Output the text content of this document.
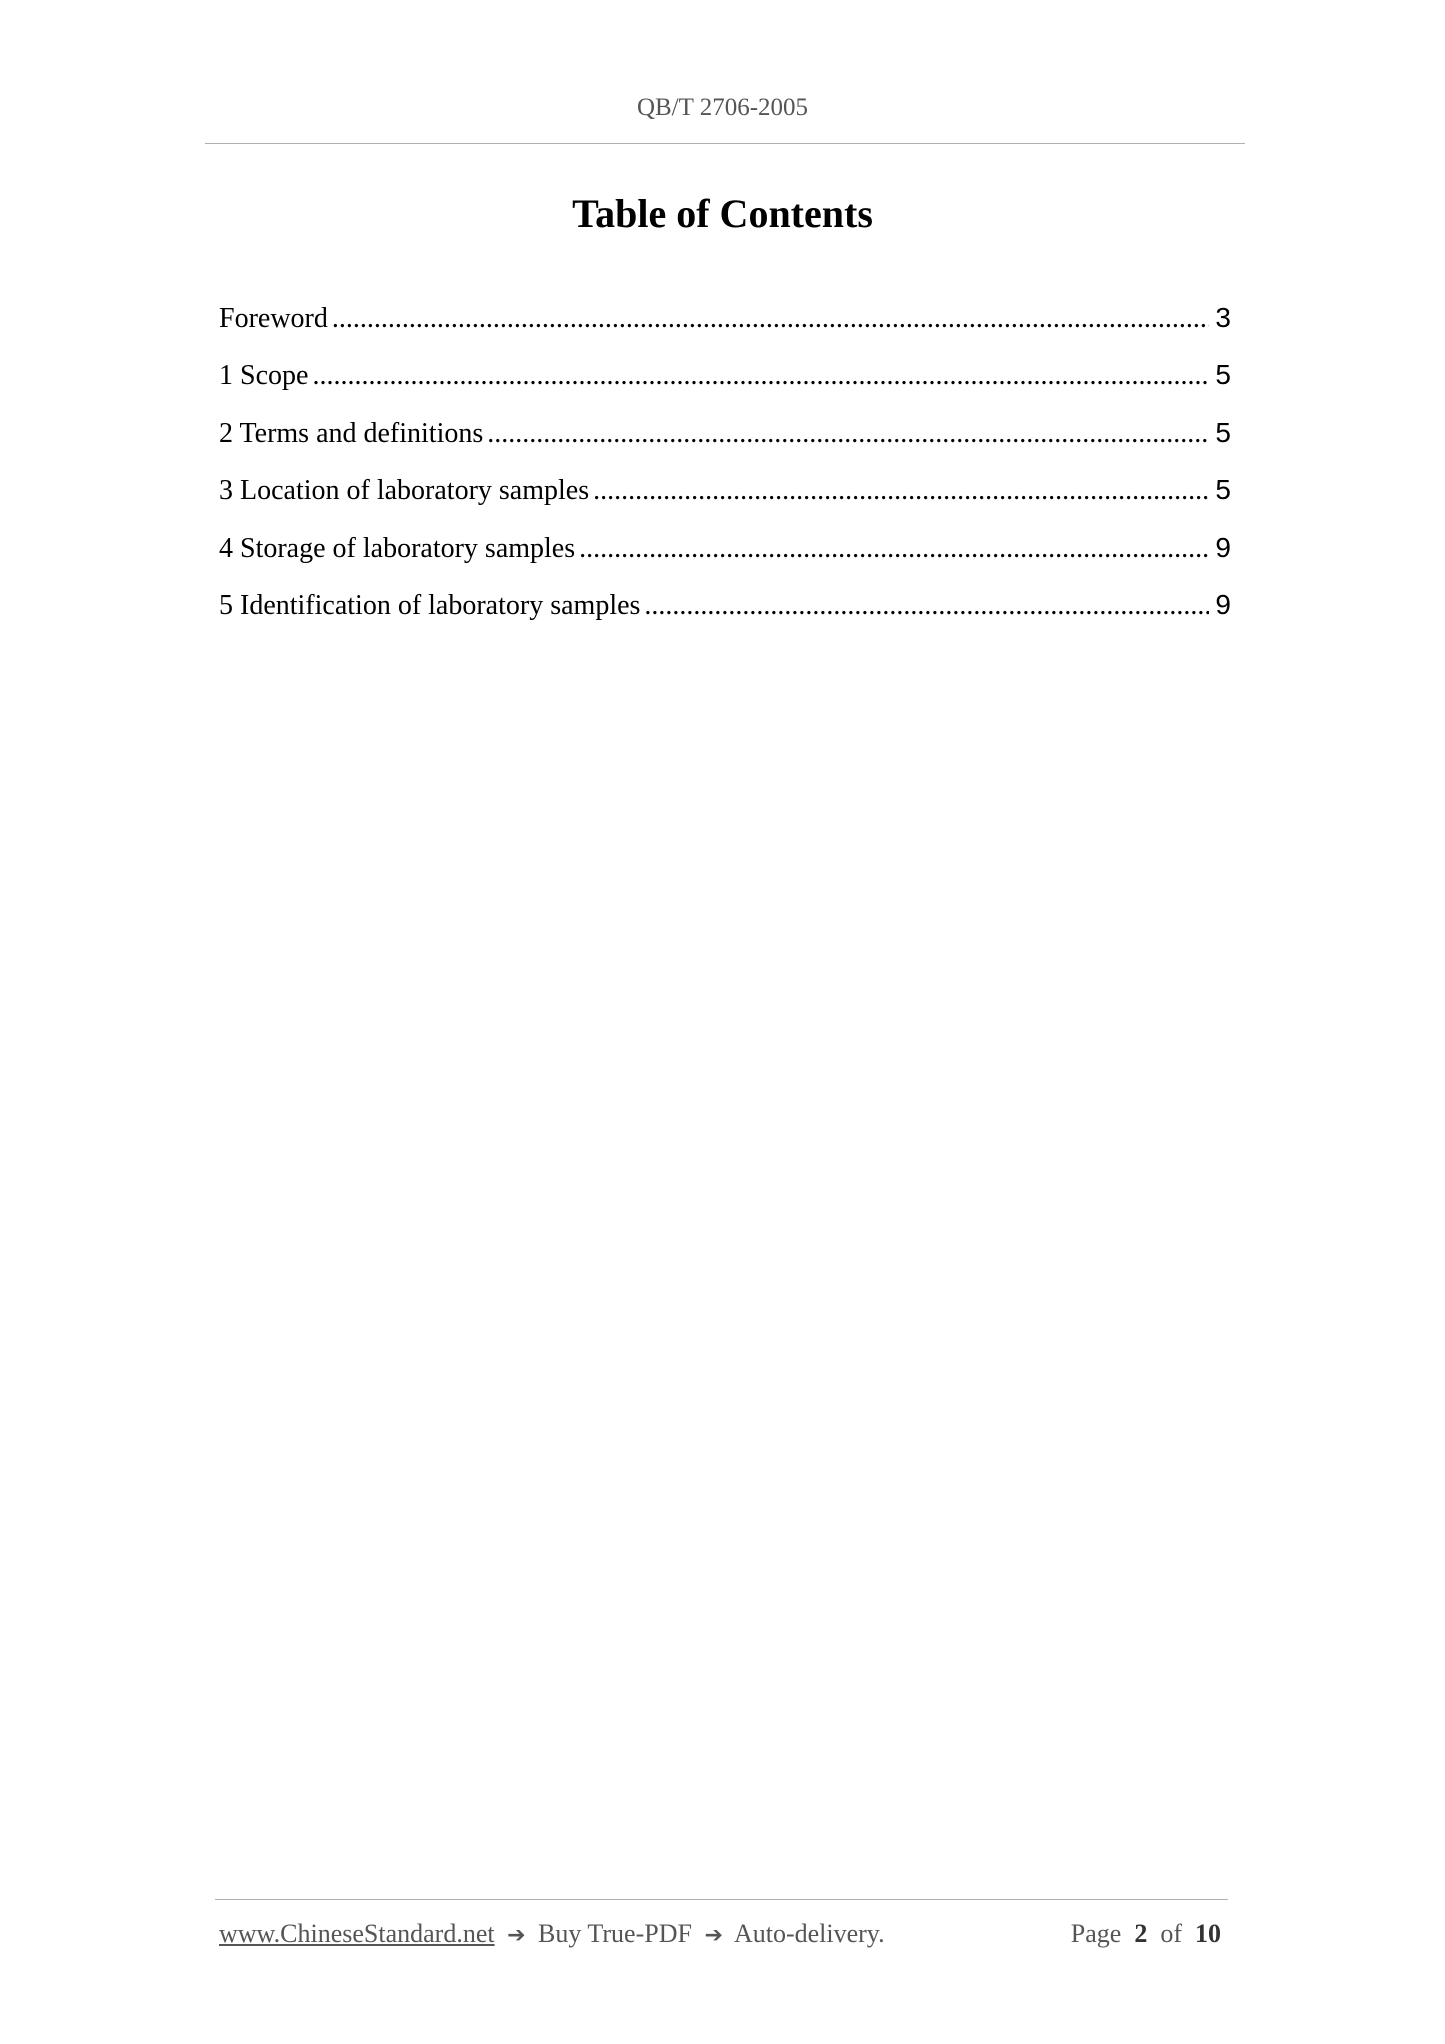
QB/T 2706-2005
Table of Contents
Foreword .....	3
1 Scope .....	5
2 Terms and definitions .....	5
3 Location of laboratory samples .....	5
4 Storage of laboratory samples .....	9
5 Identification of laboratory samples .....	9
www.ChineseStandard.net ➔ Buy True-PDF ➔ Auto-delivery.	Page 2 of 10
